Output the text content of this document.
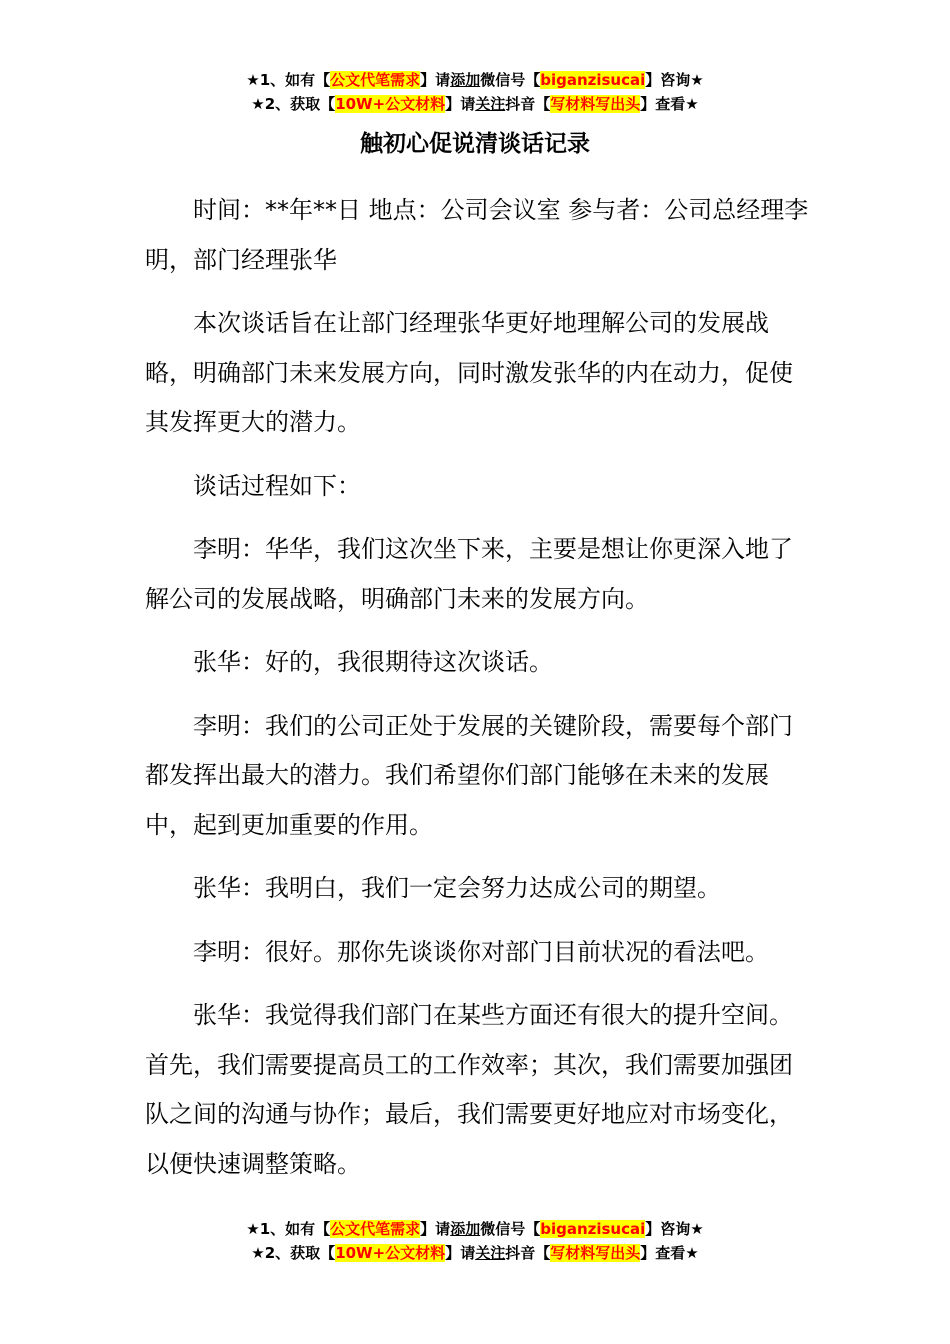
★1、如有【公文代笔需求】请添加微信号【biganzisucai】咨询★
★2、获取【10W+公文材料】请关注抖音【写材料写出头】查看★
触初心促说清谈话记录

时间：**年**日 地点：公司会议室 参与者：公司总经理李明，部门经理张华

本次谈话旨在让部门经理张华更好地理解公司的发展战略，明确部门未来发展方向，同时激发张华的内在动力，促使其发挥更大的潜力。

谈话过程如下：

李明：华华，我们这次坐下来，主要是想让你更深入地了解公司的发展战略，明确部门未来的发展方向。

张华：好的，我很期待这次谈话。

李明：我们的公司正处于发展的关键阶段，需要每个部门都发挥出最大的潜力。我们希望你们部门能够在未来的发展中，起到更加重要的作用。

张华：我明白，我们一定会努力达成公司的期望。

李明：很好。那你先谈谈你对部门目前状况的看法吧。

张华：我觉得我们部门在某些方面还有很大的提升空间。首先，我们需要提高员工的工作效率；其次，我们需要加强团队之间的沟通与协作；最后，我们需要更好地应对市场变化，以便快速调整策略。

★1、如有【公文代笔需求】请添加微信号【biganzisucai】咨询★
★2、获取【10W+公文材料】请关注抖音【写材料写出头】查看★
